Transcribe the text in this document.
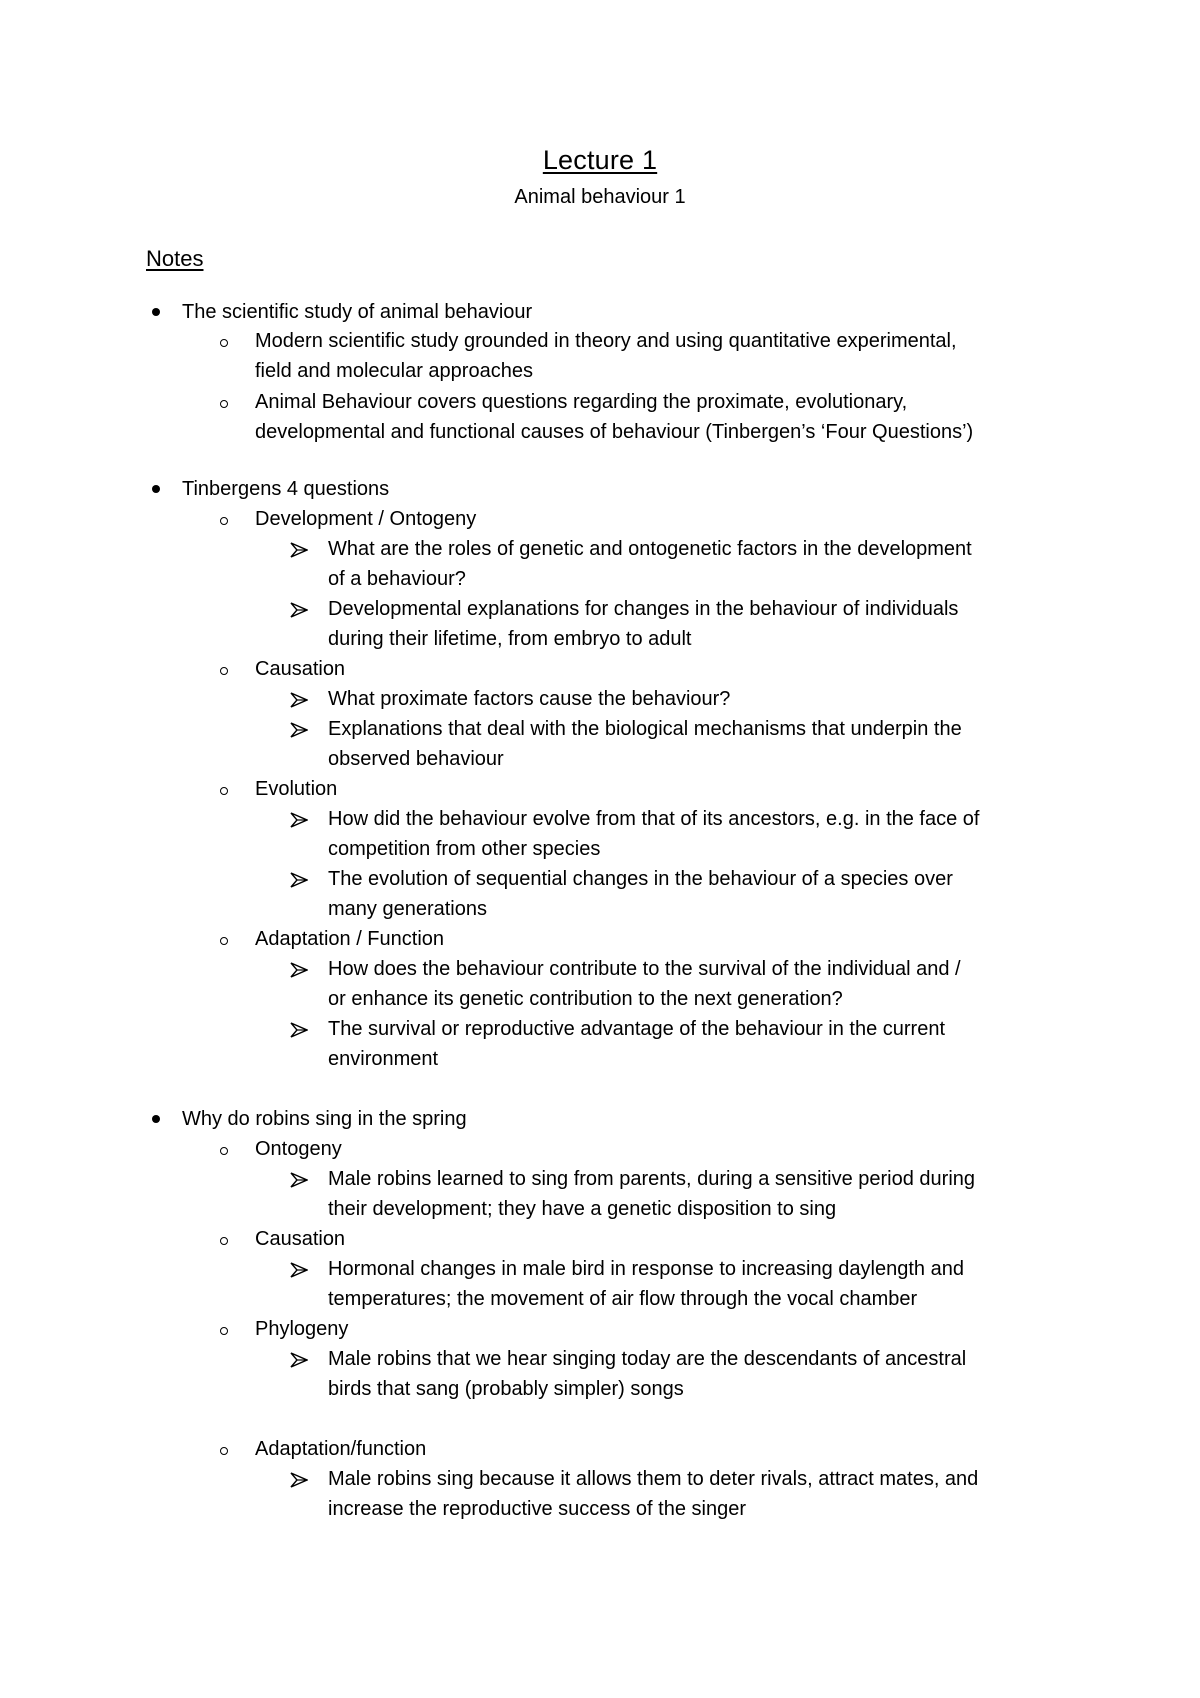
Lecture 1
Animal behaviour 1
Notes
The scientific study of animal behaviour
Modern scientific study grounded in theory and using quantitative experimental,
field and molecular approaches
Animal Behaviour covers questions regarding the proximate, evolutionary,
developmental and functional causes of behaviour (Tinbergen’s ‘Four Questions’)
Tinbergens 4 questions
Development / Ontogeny
What are the roles of genetic and ontogenetic factors in the development
of a behaviour?
Developmental explanations for changes in the behaviour of individuals
during their lifetime, from embryo to adult
Causation
What proximate factors cause the behaviour?
Explanations that deal with the biological mechanisms that underpin the
observed behaviour
Evolution
How did the behaviour evolve from that of its ancestors, e.g. in the face of
competition from other species
The evolution of sequential changes in the behaviour of a species over
many generations
Adaptation / Function
How does the behaviour contribute to the survival of the individual and /
or enhance its genetic contribution to the next generation?
The survival or reproductive advantage of the behaviour in the current
environment
Why do robins sing in the spring
Ontogeny
Male robins learned to sing from parents, during a sensitive period during
their development; they have a genetic disposition to sing
Causation
Hormonal changes in male bird in response to increasing daylength and
temperatures; the movement of air flow through the vocal chamber
Phylogeny
Male robins that we hear singing today are the descendants of ancestral
birds that sang (probably simpler) songs
Adaptation/function
Male robins sing because it allows them to deter rivals, attract mates, and
increase the reproductive success of the singer
